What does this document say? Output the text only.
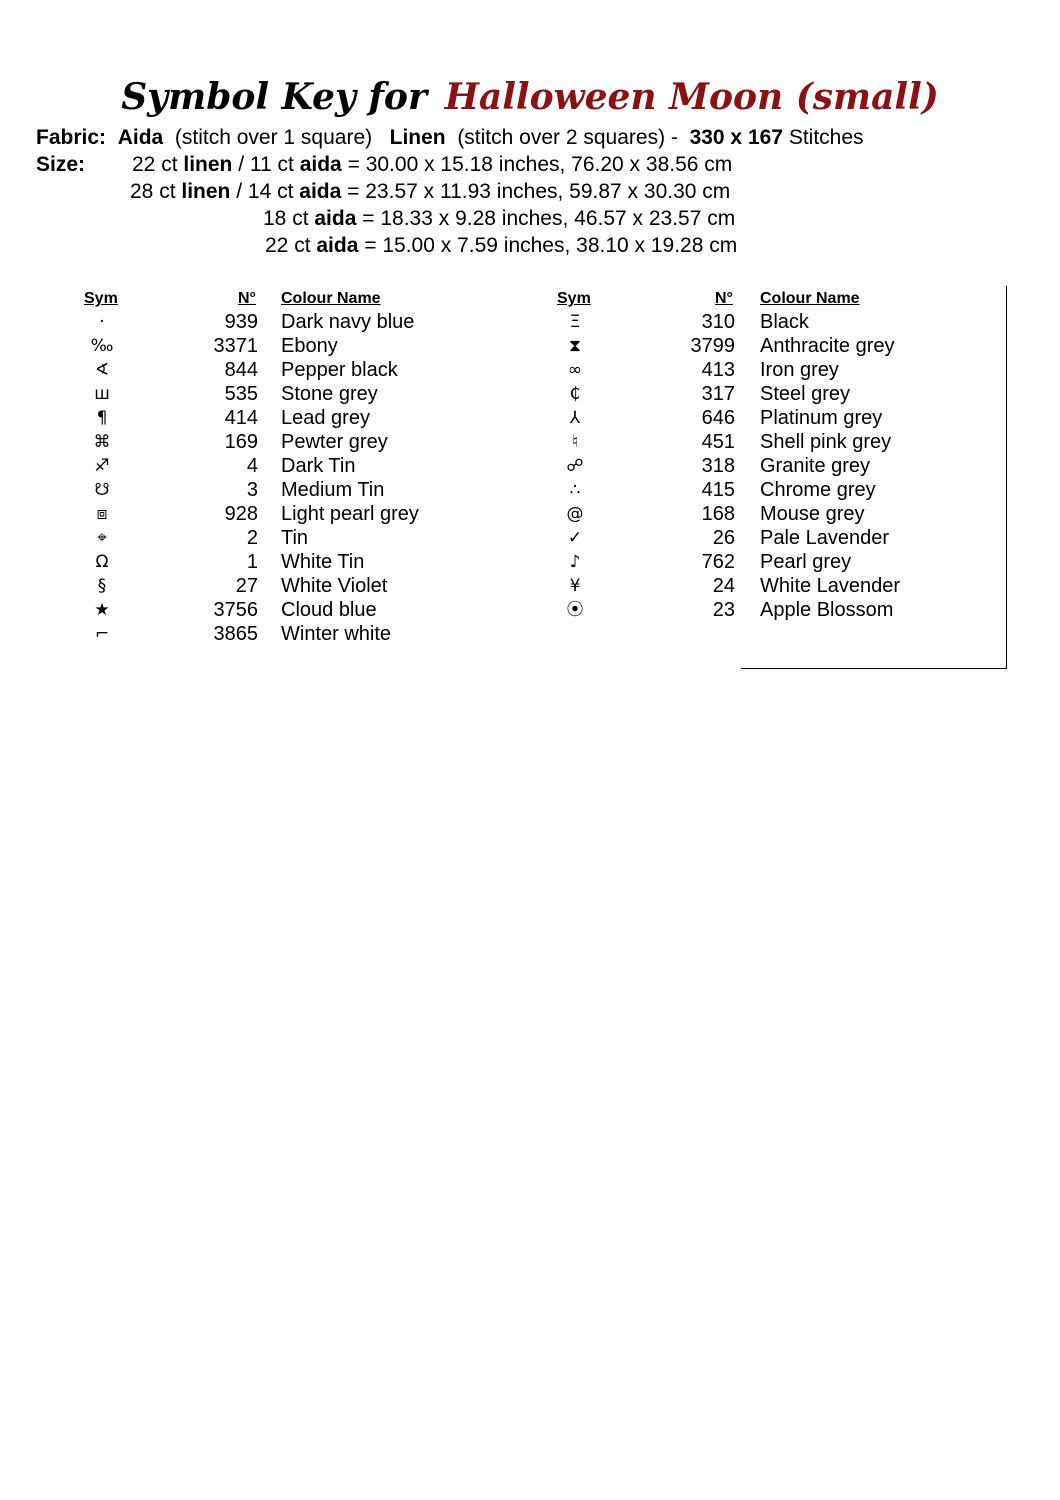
Symbol Key for Halloween Moon (small)
Fabric: Aida (stitch over 1 square) Linen (stitch over 2 squares) - 330 x 167 Stitches
Size: 22 ct linen / 11 ct aida = 30.00 x 15.18 inches, 76.20 x 38.56 cm
28 ct linen / 14 ct aida = 23.57 x 11.93 inches, 59.87 x 30.30 cm
18 ct aida = 18.33 x 9.28 inches, 46.57 x 23.57 cm
22 ct aida = 15.00 x 7.59 inches, 38.10 x 19.28 cm
Sym	N° Colour Name	Sym	N° Colour Name
·	939 Dark navy blue
‰	3371 Ebony
∢	844 Pepper black
ш	535 Stone grey
¶	414 Lead grey
⌘	169 Pewter grey
♐	4 Dark Tin
☋	3 Medium Tin
⧈	928 Light pearl grey
⌖	2 Tin
Ω	1 White Tin
§	27 White Violet
★	3756 Cloud blue
⌐	3865 Winter white
Ξ	310 Black
⧗	3799 Anthracite grey
∞	413 Iron grey
₵	317 Steel grey
⅄	646 Platinum grey
♮	451 Shell pink grey
☍	318 Granite grey
∴	415 Chrome grey
@	168 Mouse grey
✓	26 Pale Lavender
♪	762 Pearl grey
¥	24 White Lavender
⦿	23 Apple Blossom
